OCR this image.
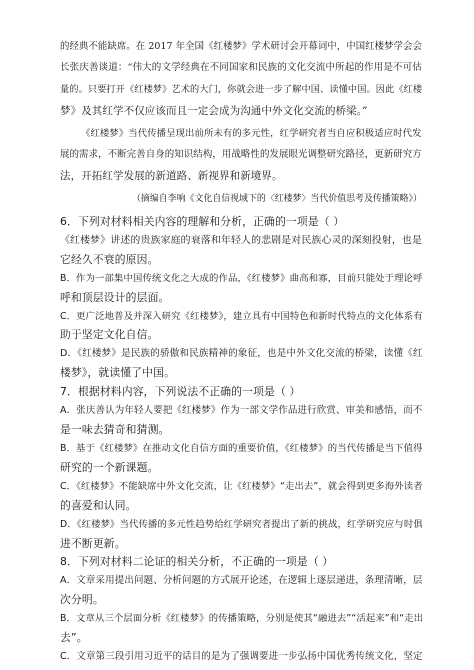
的经典不能缺席。在 2017 年全国《红楼梦》学术研讨会开幕词中，中国红楼梦学会会
长张庆善谈道：“伟大的文学经典在不同国家和民族的文化交流中所起的作用是不可估
量的。只要打开《红楼梦》艺术的大门，你就会进一步了解中国、读懂中国。因此《红楼
梦》及其红学不仅应该而且一定会成为沟通中外文化交流的桥梁。”
《红楼梦》当代传播呈现出前所未有的多元性，红学研究者当自应积极适应时代发
展的需求，不断完善自身的知识结构，用战略性的发展眼光调整研究路径，更新研究方
法，开拓红学发展的新道路、新视界和新境界。
（摘编自李响《文化自信视域下的〈红楼梦〉当代价值思考及传播策略》）
6．下列对材料相关内容的理解和分析，正确的一项是（ ）
《红楼梦》讲述的贵族家庭的衰落和年轻人的悲剧是对民族心灵的深刻投射，也是
它经久不衰的原因。
B．作为一部集中国传统文化之大成的作品，《红楼梦》曲高和寡，目前只能处于理论呼
呼和顶层设计的层面。
C．更广泛地普及并深入研究《红楼梦》，建立具有中国特色和新时代特点的文化体系有
助于坚定文化自信。
D．《红楼梦》是民族的骄傲和民族精神的象征，也是中外文化交流的桥梁，读懂《红
楼梦》，就读懂了中国。
7．根据材料内容，下列说法不正确的一项是（ ）
A．张庆善认为年轻人要把《红楼梦》作为一部文学作品进行欣赏、审美和感悟，而不
是一味去猜奇和猜测。
B．基于《红楼梦》在推动文化自信方面的重要价值，《红楼梦》的当代传播是当下值得
研究的一个新课题。
C．《红楼梦》不能缺席中外文化交流，让《红楼梦》“走出去”，就会得到更多海外读者
的喜爱和认同。
D．《红楼梦》当代传播的多元性趋势给红学研究者提出了新的挑战，红学研究应与时俱
进不断更新。
8．下列对材料二论证的相关分析，不正确的一项是（ ）
A．文章采用提出问题、分析问题的方式展开论述，在逻辑上逐层递进，条理清晰，层
次分明。
B．文章从三个层面分析《红楼梦》的传播策略，分别是使其“融进去”“活起来”和“走出
去”。
C．文章第三段引用习近平的话目的是为了强调要进一步弘扬中国优秀传统文化，坚定
